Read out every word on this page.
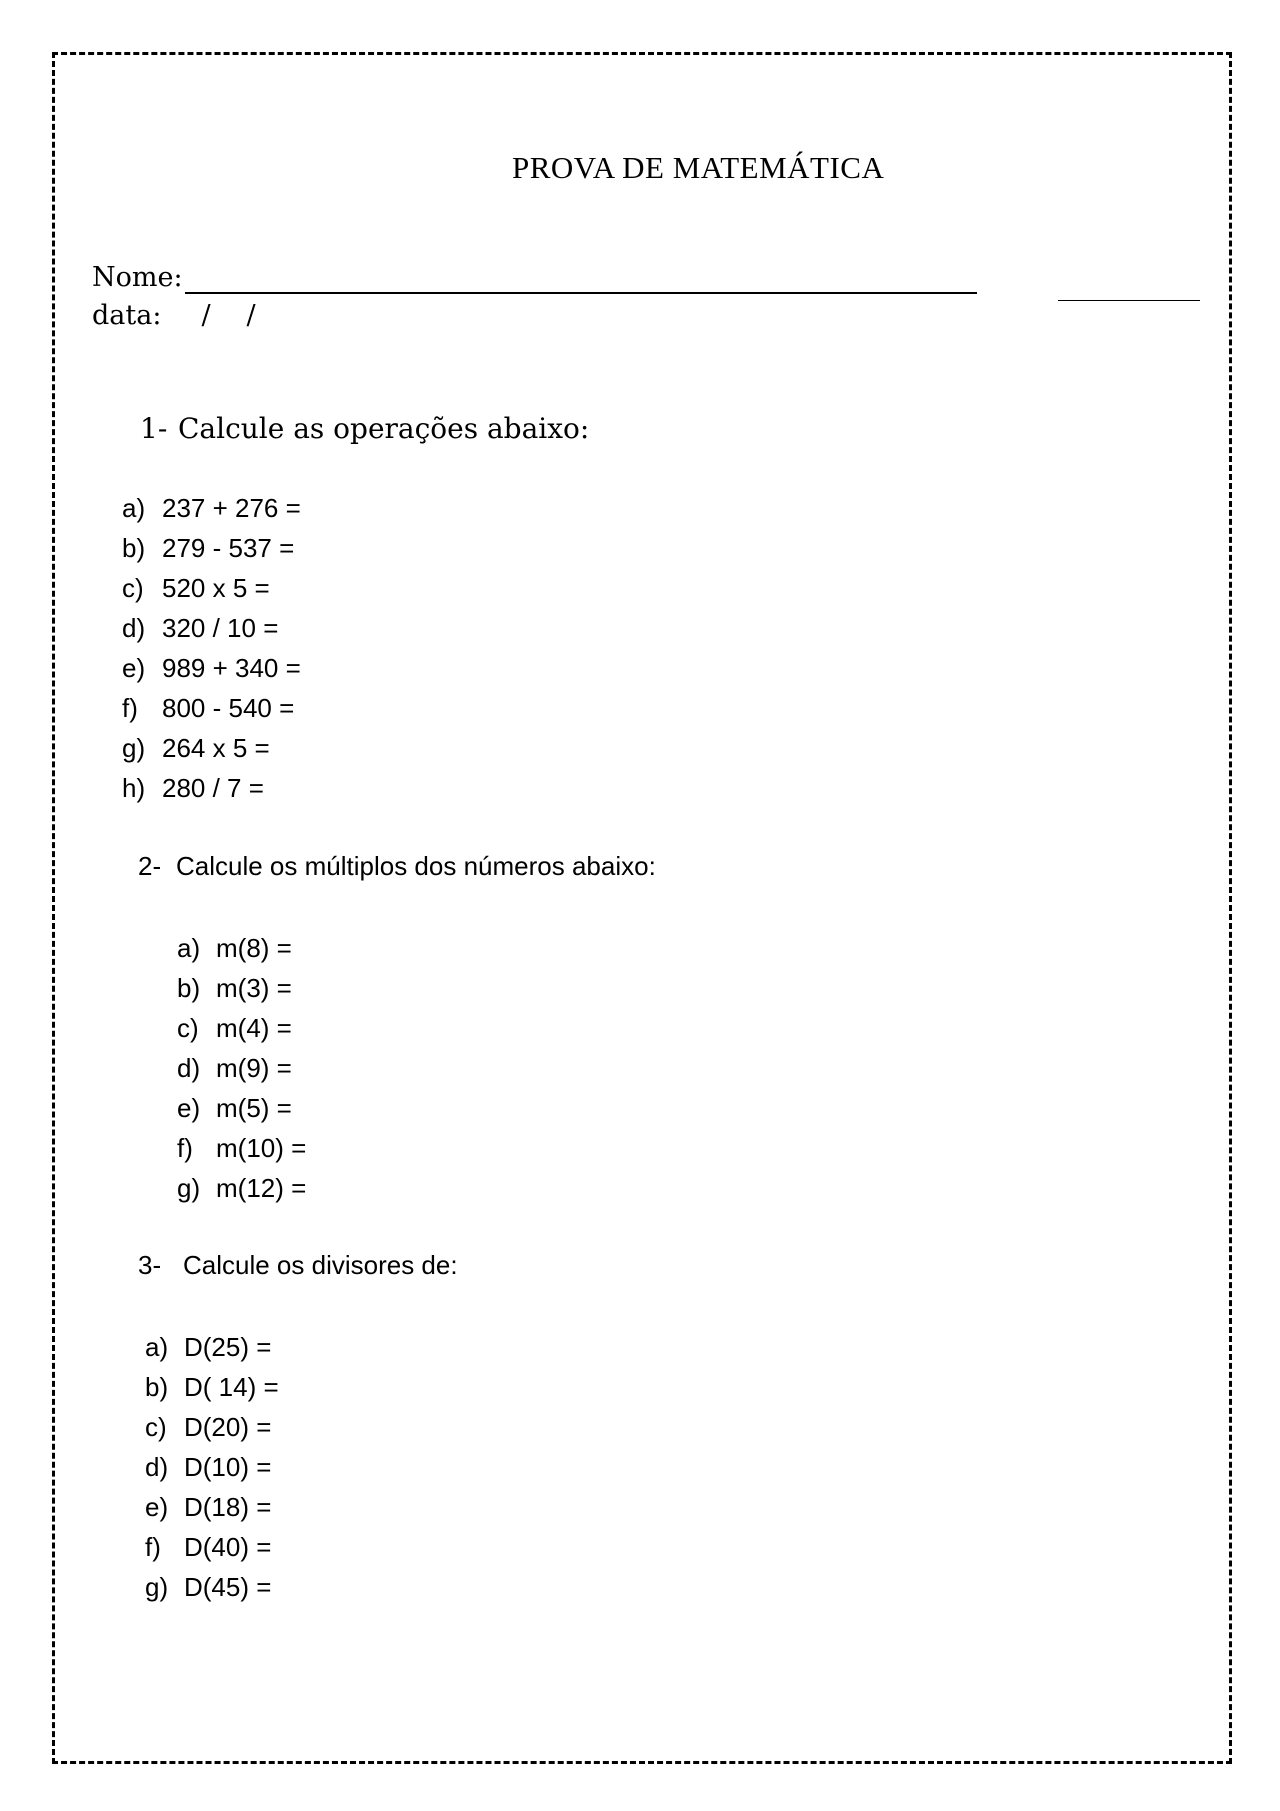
PROVA DE MATEMÁTICA
Nome:
data: / /
1- Calcule as operações abaixo:
a) 237 + 276 =
b) 279 - 537 =
c) 520 x 5 =
d) 320 / 10 =
e) 989 + 340 =
f) 800 - 540 =
g) 264 x 5 =
h) 280 / 7 =
2- Calcule os múltiplos dos números abaixo:
a) m(8) =
b) m(3) =
c) m(4) =
d) m(9) =
e) m(5) =
f) m(10) =
g) m(12) =
3- Calcule os divisores de:
a) D(25) =
b) D( 14) =
c) D(20) =
d) D(10) =
e) D(18) =
f) D(40) =
g) D(45) =
